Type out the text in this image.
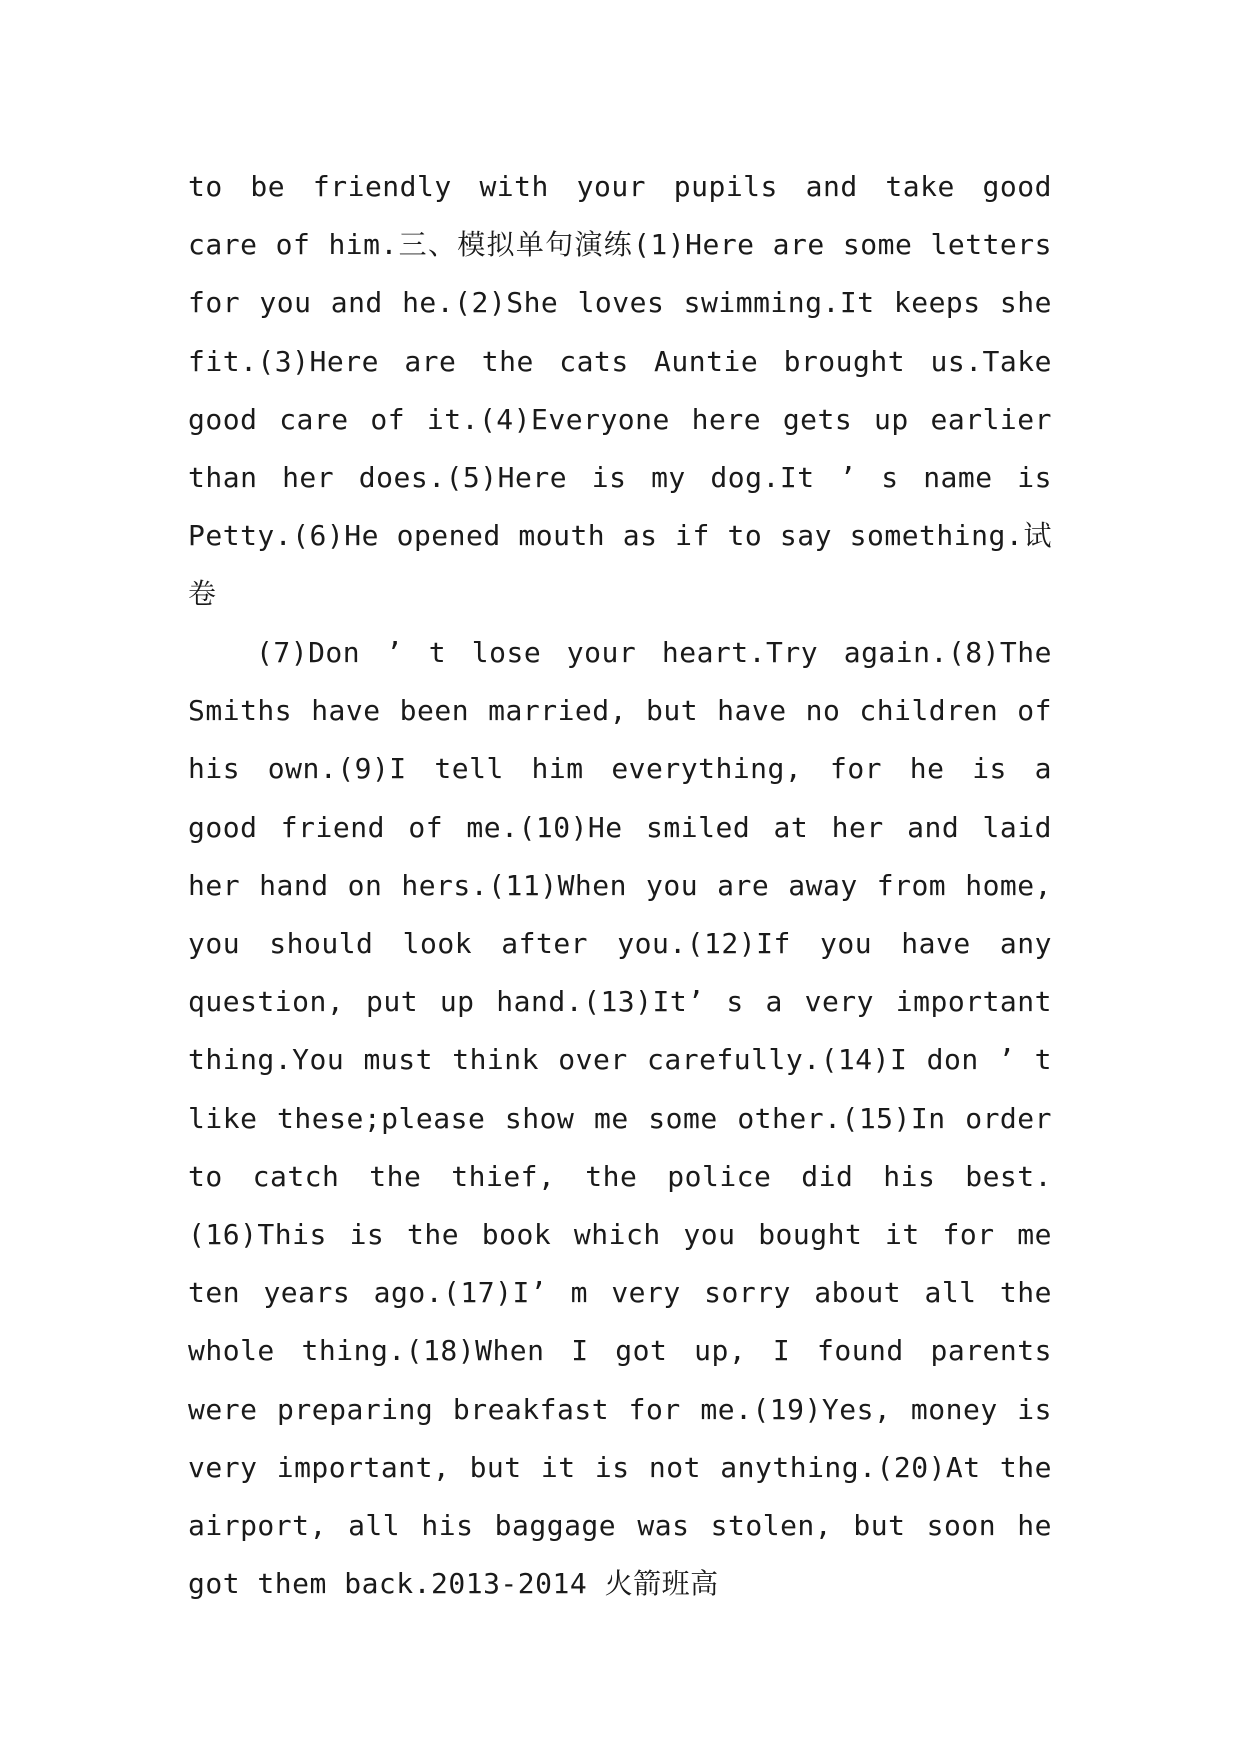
to be friendly with your pupils and take good care of him.三、模拟单句演练(1)Here are some letters for you and he.(2)She loves swimming.It keeps she fit.(3)Here are the cats Auntie brought us.Take good care of it.(4)Everyone here gets up earlier than her does.(5)Here is my dog.It ’ s name is Petty.(6)He opened mouth as if to say something.试卷
(7)Don ’ t lose your heart.Try again.(8)The Smiths have been married, but have no children of his own.(9)I tell him everything, for he is a good friend of me.(10)He smiled at her and laid her hand on hers.(11)When you are away from home, you should look after you.(12)If you have any question, put up hand.(13)It’ s a very important thing.You must think over carefully.(14)I don ’ t like these;please show me some other.(15)In order to catch the thief, the police did his best.(16)This is the book which you bought it for me ten years ago.(17)I’ m very sorry about all the whole thing.(18)When I got up, I found parents were preparing breakfast for me.(19)Yes, money is very important, but it is not anything.(20)At the airport, all his baggage was stolen, but soon he got them back.2013-2014 火箭班高
